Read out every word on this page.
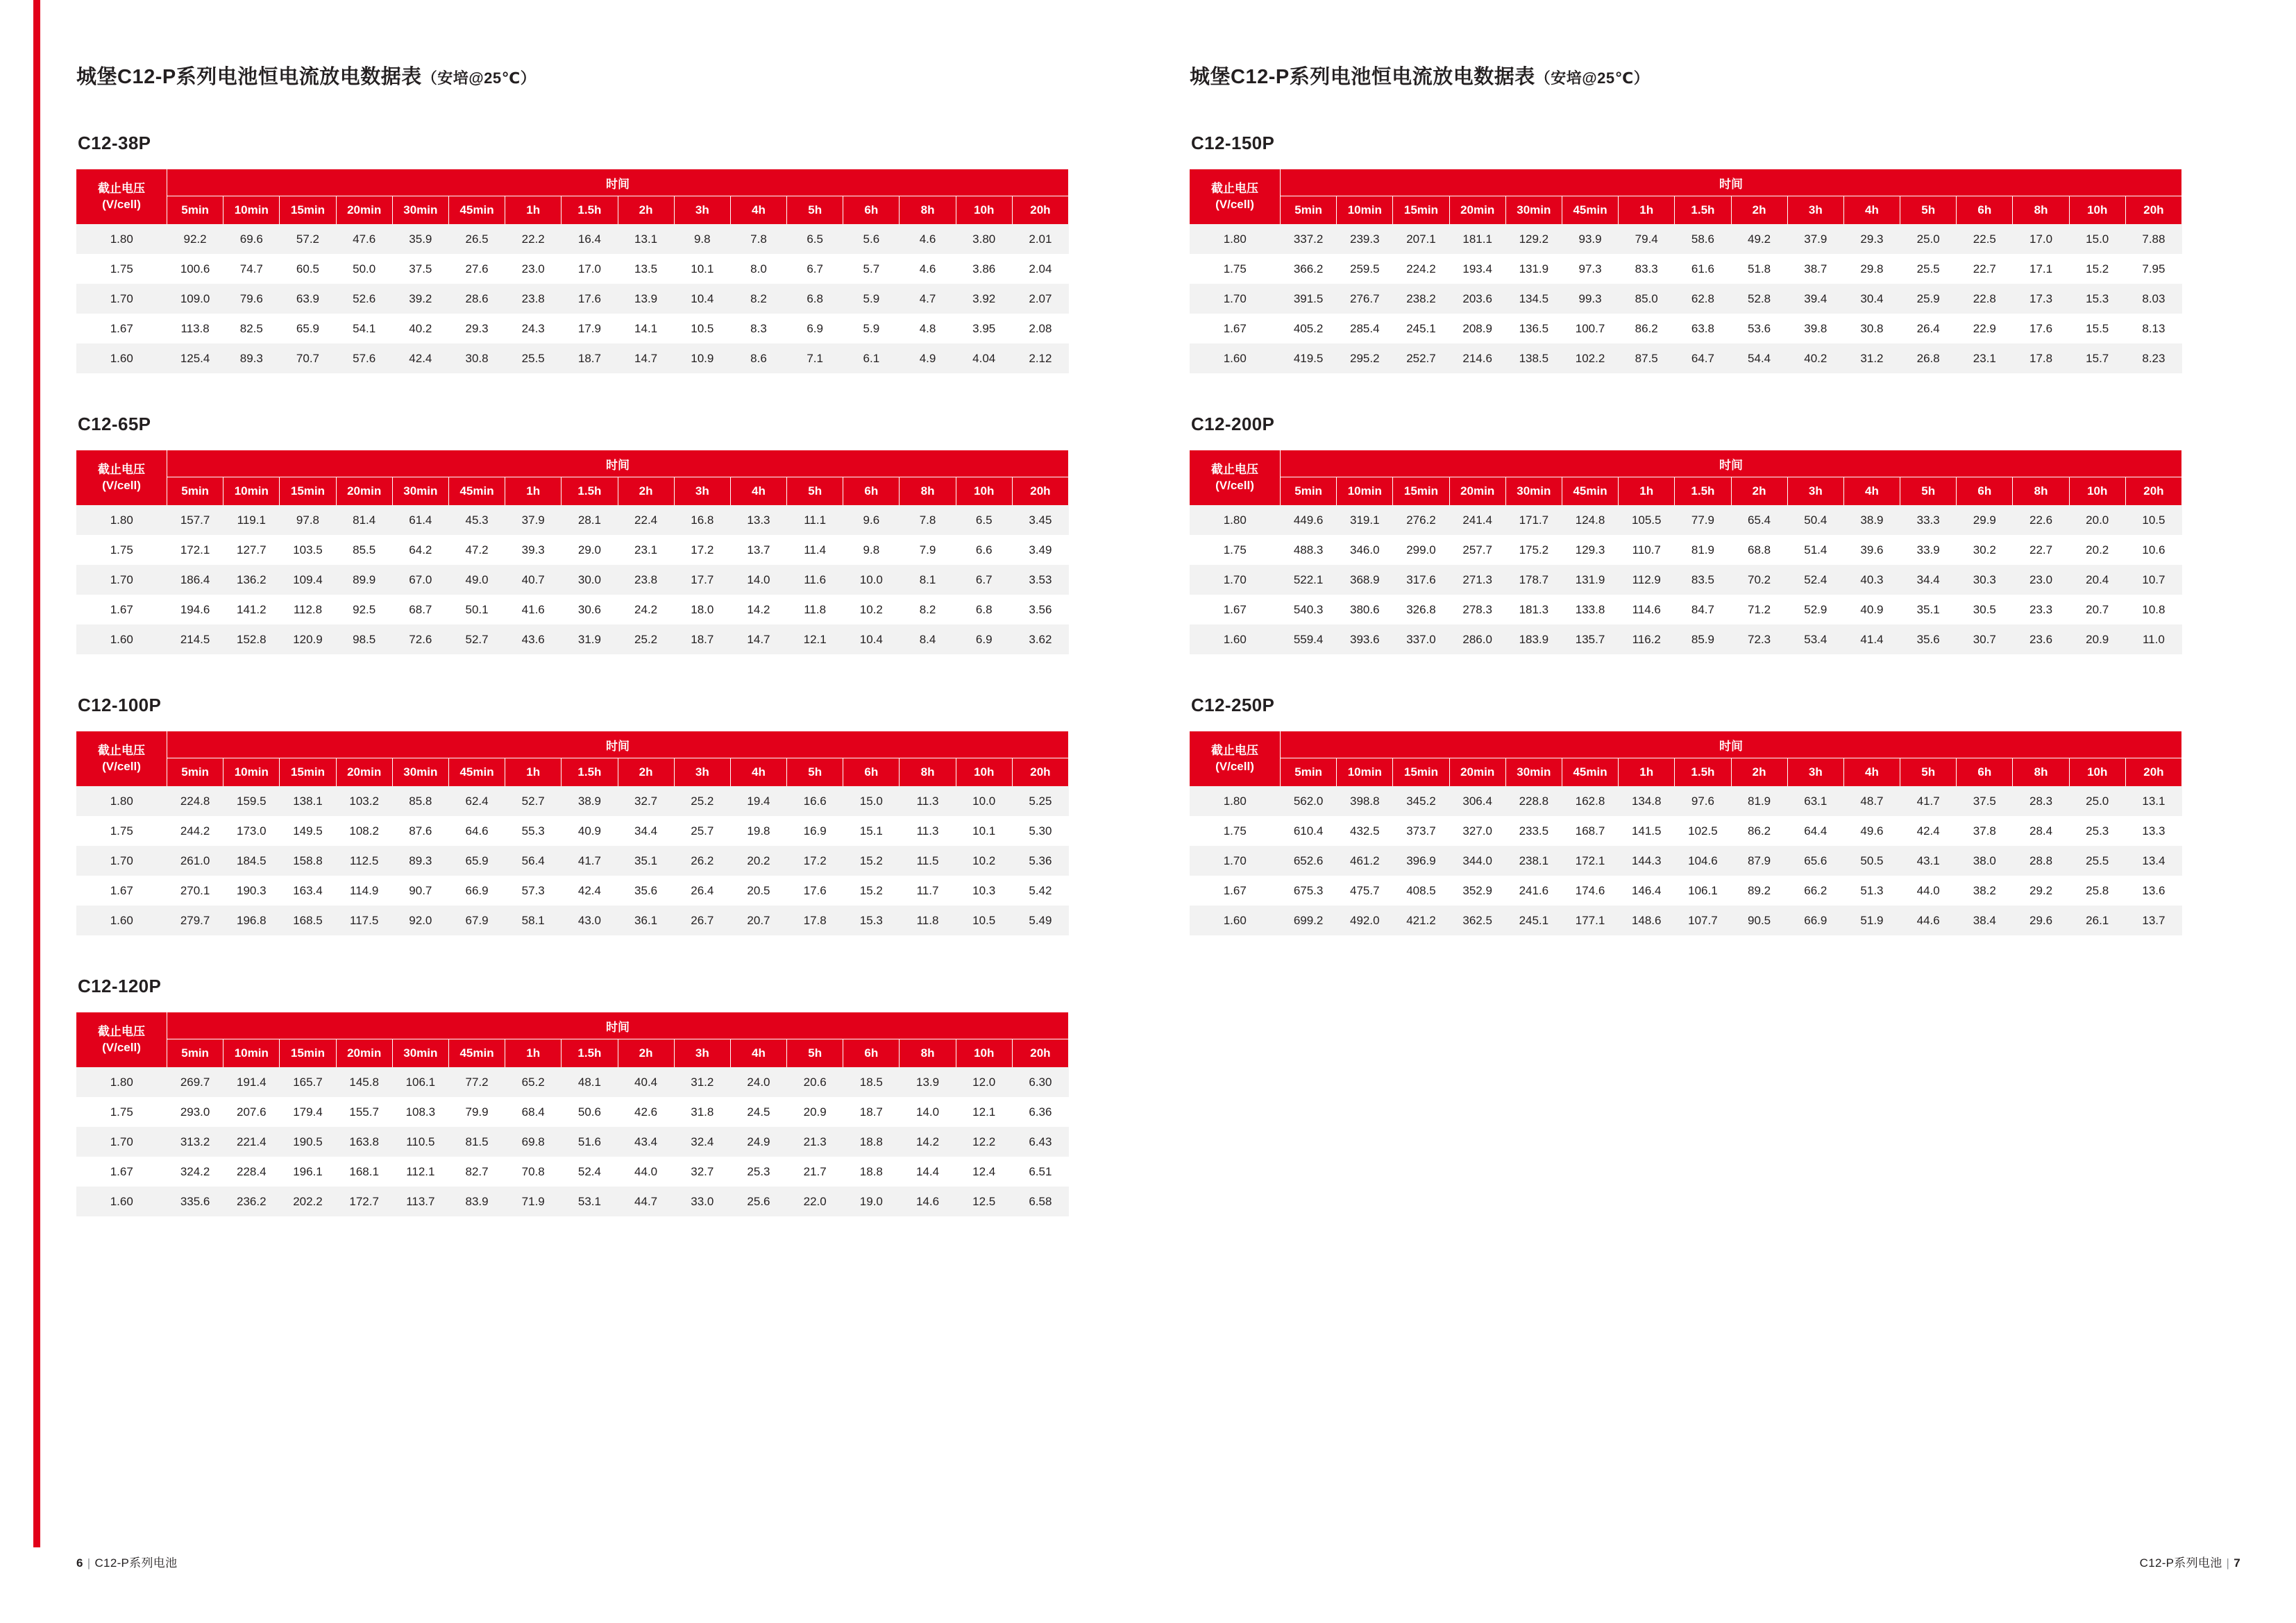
城堡C12-P系列电池恒电流放电数据表（安培@25℃）
C12-38P
截止电压
(V/cell)	时间															
	5min	10min	15min	20min	30min	45min	1h	1.5h	2h	3h	4h	5h	6h	8h	10h	20h
1.80	92.2	69.6	57.2	47.6	35.9	26.5	22.2	16.4	13.1	9.8	7.8	6.5	5.6	4.6	3.80	2.01
1.75	100.6	74.7	60.5	50.0	37.5	27.6	23.0	17.0	13.5	10.1	8.0	6.7	5.7	4.6	3.86	2.04
1.70	109.0	79.6	63.9	52.6	39.2	28.6	23.8	17.6	13.9	10.4	8.2	6.8	5.9	4.7	3.92	2.07
1.67	113.8	82.5	65.9	54.1	40.2	29.3	24.3	17.9	14.1	10.5	8.3	6.9	5.9	4.8	3.95	2.08
1.60	125.4	89.3	70.7	57.6	42.4	30.8	25.5	18.7	14.7	10.9	8.6	7.1	6.1	4.9	4.04	2.12
C12-65P
截止电压
(V/cell)	时间															
	5min	10min	15min	20min	30min	45min	1h	1.5h	2h	3h	4h	5h	6h	8h	10h	20h
1.80	157.7	119.1	97.8	81.4	61.4	45.3	37.9	28.1	22.4	16.8	13.3	11.1	9.6	7.8	6.5	3.45
1.75	172.1	127.7	103.5	85.5	64.2	47.2	39.3	29.0	23.1	17.2	13.7	11.4	9.8	7.9	6.6	3.49
1.70	186.4	136.2	109.4	89.9	67.0	49.0	40.7	30.0	23.8	17.7	14.0	11.6	10.0	8.1	6.7	3.53
1.67	194.6	141.2	112.8	92.5	68.7	50.1	41.6	30.6	24.2	18.0	14.2	11.8	10.2	8.2	6.8	3.56
1.60	214.5	152.8	120.9	98.5	72.6	52.7	43.6	31.9	25.2	18.7	14.7	12.1	10.4	8.4	6.9	3.62
C12-100P
截止电压
(V/cell)	时间															
	5min	10min	15min	20min	30min	45min	1h	1.5h	2h	3h	4h	5h	6h	8h	10h	20h
1.80	224.8	159.5	138.1	103.2	85.8	62.4	52.7	38.9	32.7	25.2	19.4	16.6	15.0	11.3	10.0	5.25
1.75	244.2	173.0	149.5	108.2	87.6	64.6	55.3	40.9	34.4	25.7	19.8	16.9	15.1	11.3	10.1	5.30
1.70	261.0	184.5	158.8	112.5	89.3	65.9	56.4	41.7	35.1	26.2	20.2	17.2	15.2	11.5	10.2	5.36
1.67	270.1	190.3	163.4	114.9	90.7	66.9	57.3	42.4	35.6	26.4	20.5	17.6	15.2	11.7	10.3	5.42
1.60	279.7	196.8	168.5	117.5	92.0	67.9	58.1	43.0	36.1	26.7	20.7	17.8	15.3	11.8	10.5	5.49
C12-120P
截止电压
(V/cell)	时间															
	5min	10min	15min	20min	30min	45min	1h	1.5h	2h	3h	4h	5h	6h	8h	10h	20h
1.80	269.7	191.4	165.7	145.8	106.1	77.2	65.2	48.1	40.4	31.2	24.0	20.6	18.5	13.9	12.0	6.30
1.75	293.0	207.6	179.4	155.7	108.3	79.9	68.4	50.6	42.6	31.8	24.5	20.9	18.7	14.0	12.1	6.36
1.70	313.2	221.4	190.5	163.8	110.5	81.5	69.8	51.6	43.4	32.4	24.9	21.3	18.8	14.2	12.2	6.43
1.67	324.2	228.4	196.1	168.1	112.1	82.7	70.8	52.4	44.0	32.7	25.3	21.7	18.8	14.4	12.4	6.51
1.60	335.6	236.2	202.2	172.7	113.7	83.9	71.9	53.1	44.7	33.0	25.6	22.0	19.0	14.6	12.5	6.58
城堡C12-P系列电池恒电流放电数据表（安培@25℃）
C12-150P
截止电压
(V/cell)	时间															
	5min	10min	15min	20min	30min	45min	1h	1.5h	2h	3h	4h	5h	6h	8h	10h	20h
1.80	337.2	239.3	207.1	181.1	129.2	93.9	79.4	58.6	49.2	37.9	29.3	25.0	22.5	17.0	15.0	7.88
1.75	366.2	259.5	224.2	193.4	131.9	97.3	83.3	61.6	51.8	38.7	29.8	25.5	22.7	17.1	15.2	7.95
1.70	391.5	276.7	238.2	203.6	134.5	99.3	85.0	62.8	52.8	39.4	30.4	25.9	22.8	17.3	15.3	8.03
1.67	405.2	285.4	245.1	208.9	136.5	100.7	86.2	63.8	53.6	39.8	30.8	26.4	22.9	17.6	15.5	8.13
1.60	419.5	295.2	252.7	214.6	138.5	102.2	87.5	64.7	54.4	40.2	31.2	26.8	23.1	17.8	15.7	8.23
C12-200P
截止电压
(V/cell)	时间															
	5min	10min	15min	20min	30min	45min	1h	1.5h	2h	3h	4h	5h	6h	8h	10h	20h
1.80	449.6	319.1	276.2	241.4	171.7	124.8	105.5	77.9	65.4	50.4	38.9	33.3	29.9	22.6	20.0	10.5
1.75	488.3	346.0	299.0	257.7	175.2	129.3	110.7	81.9	68.8	51.4	39.6	33.9	30.2	22.7	20.2	10.6
1.70	522.1	368.9	317.6	271.3	178.7	131.9	112.9	83.5	70.2	52.4	40.3	34.4	30.3	23.0	20.4	10.7
1.67	540.3	380.6	326.8	278.3	181.3	133.8	114.6	84.7	71.2	52.9	40.9	35.1	30.5	23.3	20.7	10.8
1.60	559.4	393.6	337.0	286.0	183.9	135.7	116.2	85.9	72.3	53.4	41.4	35.6	30.7	23.6	20.9	11.0
C12-250P
截止电压
(V/cell)	时间															
	5min	10min	15min	20min	30min	45min	1h	1.5h	2h	3h	4h	5h	6h	8h	10h	20h
1.80	562.0	398.8	345.2	306.4	228.8	162.8	134.8	97.6	81.9	63.1	48.7	41.7	37.5	28.3	25.0	13.1
1.75	610.4	432.5	373.7	327.0	233.5	168.7	141.5	102.5	86.2	64.4	49.6	42.4	37.8	28.4	25.3	13.3
1.70	652.6	461.2	396.9	344.0	238.1	172.1	144.3	104.6	87.9	65.6	50.5	43.1	38.0	28.8	25.5	13.4
1.67	675.3	475.7	408.5	352.9	241.6	174.6	146.4	106.1	89.2	66.2	51.3	44.0	38.2	29.2	25.8	13.6
1.60	699.2	492.0	421.2	362.5	245.1	177.1	148.6	107.7	90.5	66.9	51.9	44.6	38.4	29.6	26.1	13.7
6 | C12-P系列电池	C12-P系列电池 | 7
